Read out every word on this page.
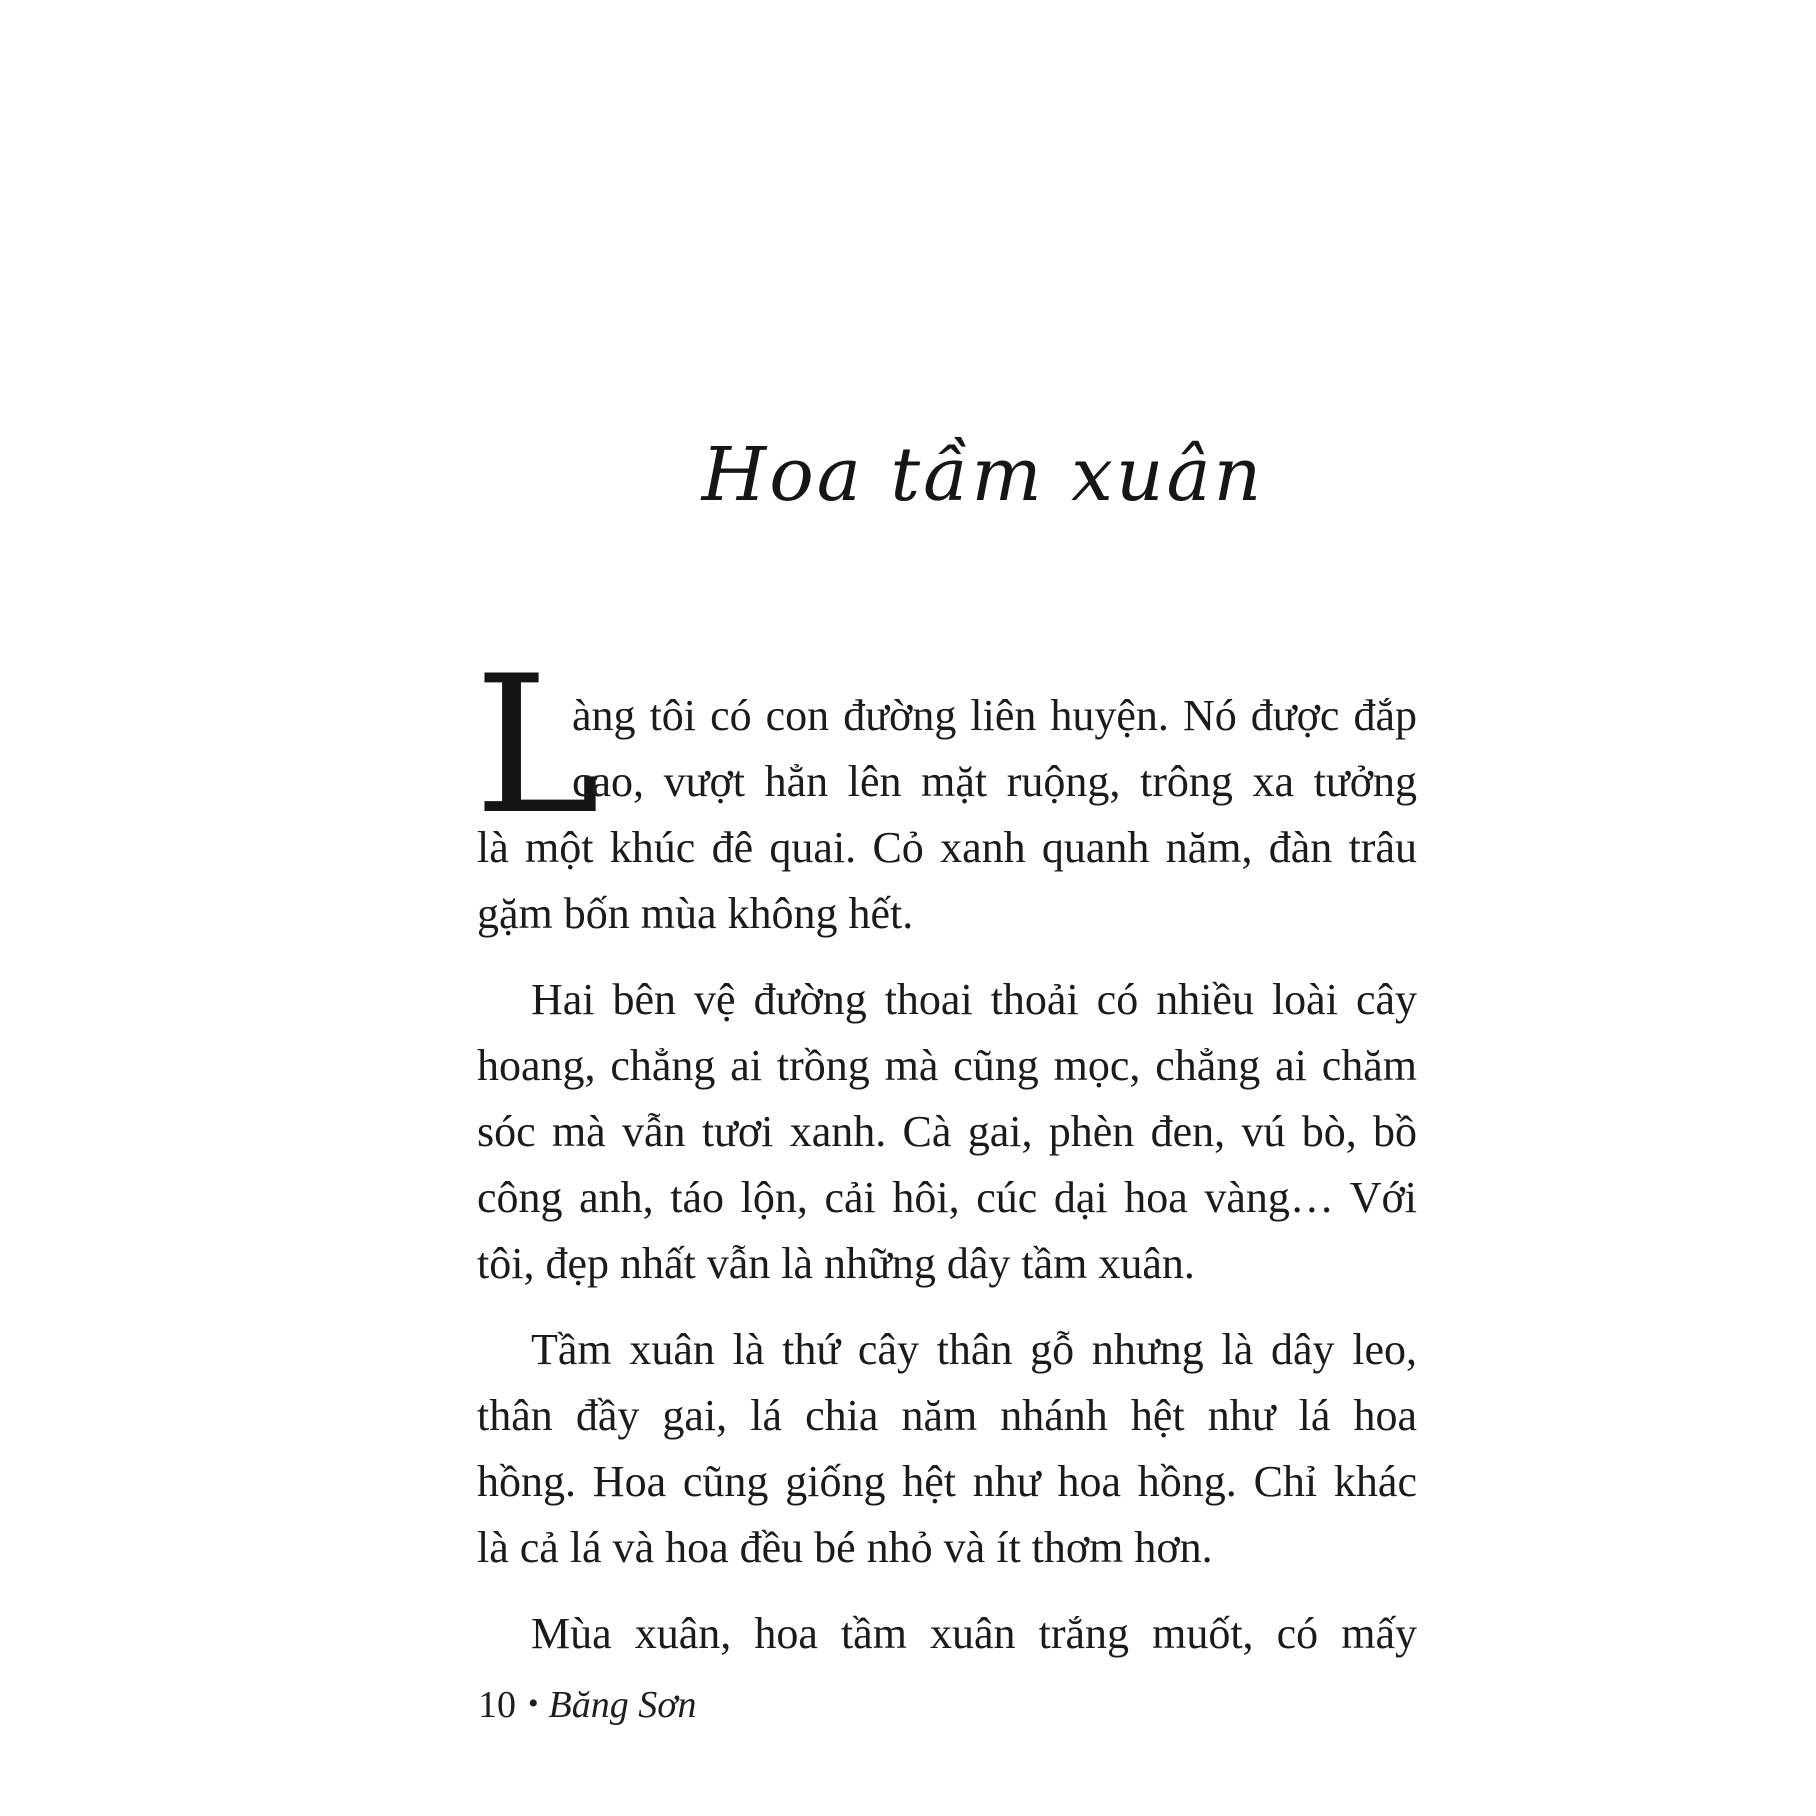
Hoa tầm xuân
L
àng tôi có con đường liên huyện. Nó được đắp
cao, vượt hẳn lên mặt ruộng, trông xa tưởng
là một khúc đê quai. Cỏ xanh quanh năm, đàn trâu
gặm bốn mùa không hết.
Hai bên vệ đường thoai thoải có nhiều loài cây
hoang, chẳng ai trồng mà cũng mọc, chẳng ai chăm
sóc mà vẫn tươi xanh. Cà gai, phèn đen, vú bò, bồ
công anh, táo lộn, cải hôi, cúc dại hoa vàng… Với
tôi, đẹp nhất vẫn là những dây tầm xuân.
Tầm xuân là thứ cây thân gỗ nhưng là dây leo,
thân đầy gai, lá chia năm nhánh hệt như lá hoa
hồng. Hoa cũng giống hệt như hoa hồng. Chỉ khác
là cả lá và hoa đều bé nhỏ và ít thơm hơn.
Mùa xuân, hoa tầm xuân trắng muốt, có mấy
10 • Băng Sơn
